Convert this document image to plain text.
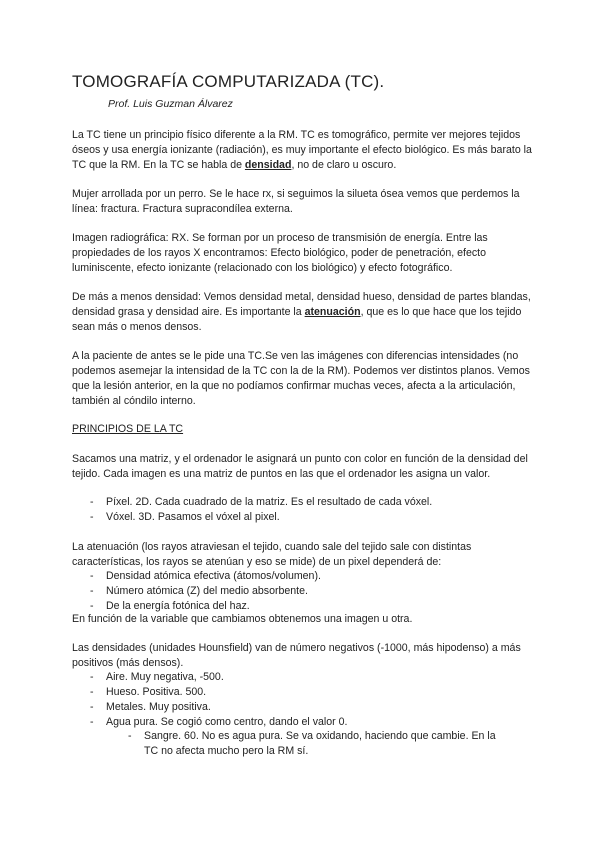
TOMOGRAFÍA COMPUTARIZADA (TC).
Prof. Luis Guzman Álvarez

La TC tiene un principio físico diferente a la RM. TC es tomográfico, permite ver mejores tejidos óseos y usa energía ionizante (radiación), es muy importante el efecto biológico. Es más barato la TC que la RM. En la TC se habla de densidad, no de claro u oscuro.

Mujer arrollada por un perro. Se le hace rx, si seguimos la silueta ósea vemos que perdemos la línea: fractura. Fractura supracondílea externa.

Imagen radiográfica: RX. Se forman por un proceso de transmisión de energía. Entre las propiedades de los rayos X encontramos: Efecto biológico, poder de penetración, efecto luminiscente, efecto ionizante (relacionado con los biológico) y efecto fotográfico.

De más a menos densidad: Vemos densidad metal, densidad hueso, densidad de partes blandas, densidad grasa y densidad aire. Es importante la atenuación, que es lo que hace que los tejido sean más o menos densos.

A la paciente de antes se le pide una TC.Se ven las imágenes con diferencias intensidades (no podemos asemejar la intensidad de la TC con la de la RM). Podemos ver distintos planos. Vemos que la lesión anterior, en la que no podíamos confirmar muchas veces, afecta a la articulación, también al cóndilo interno.

PRINCIPIOS DE LA TC

Sacamos una matriz, y el ordenador le asignará un punto con color en función de la densidad del tejido. Cada imagen es una matriz de puntos en las que el ordenador les asigna un valor.

- Píxel. 2D. Cada cuadrado de la matriz. Es el resultado de cada vóxel.
- Vóxel. 3D. Pasamos el vóxel al pixel.

La atenuación (los rayos atraviesan el tejido, cuando sale del tejido sale con distintas características, los rayos se atenúan y eso se mide) de un pixel dependerá de:

- Densidad atómica efectiva (átomos/volumen).
- Número atómica (Z) del medio absorbente.
- De la energía fotónica del haz.

En función de la variable que cambiamos obtenemos una imagen u otra.

Las densidades (unidades Hounsfield) van de número negativos (-1000, más hipodenso) a más positivos (más densos).

- Aire. Muy negativa, -500.
- Hueso. Positiva. 500.
- Metales. Muy positiva.
- Agua pura. Se cogió como centro, dando el valor 0.
- Sangre. 60. No es agua pura. Se va oxidando, haciendo que cambie. En la TC no afecta mucho pero la RM sí.
